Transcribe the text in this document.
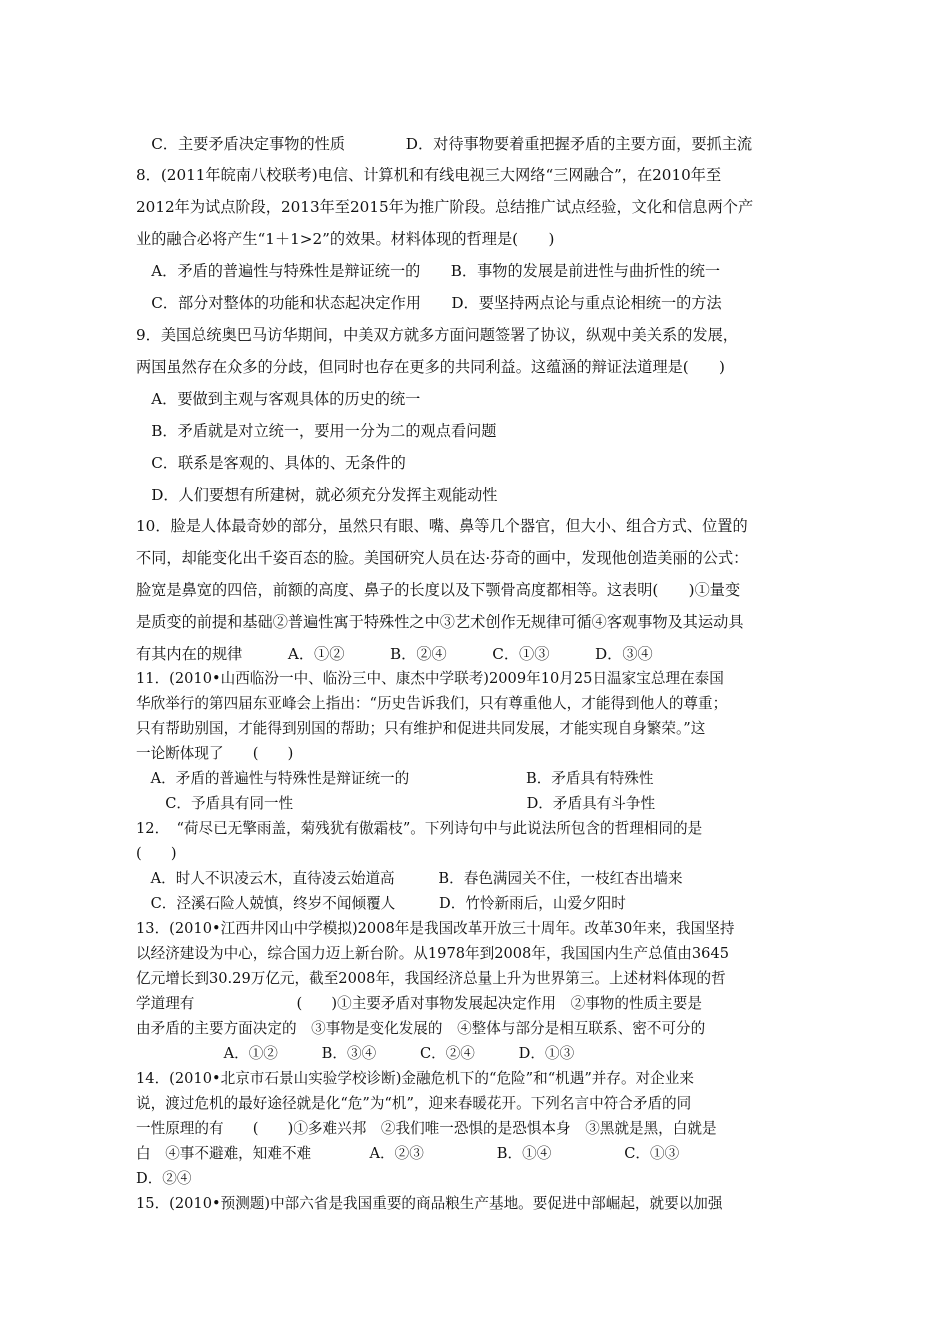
　C．主要矛盾决定事物的性质　　　　D．对待事物要着重把握矛盾的主要方面，要抓主流
8．(2011年皖南八校联考)电信、计算机和有线电视三大网络“三网融合”，在2010年至
2012年为试点阶段，2013年至2015年为推广阶段。总结推广试点经验，文化和信息两个产
业的融合必将产生“1＋1>2”的效果。材料体现的哲理是(　　)
　A．矛盾的普遍性与特殊性是辩证统一的　　B．事物的发展是前进性与曲折性的统一
　C．部分对整体的功能和状态起决定作用　　D．要坚持两点论与重点论相统一的方法
9．美国总统奥巴马访华期间，中美双方就多方面问题签署了协议，纵观中美关系的发展，
两国虽然存在众多的分歧，但同时也存在更多的共同利益。这蕴涵的辩证法道理是(　　)
　A．要做到主观与客观具体的历史的统一
　B．矛盾就是对立统一，要用一分为二的观点看问题
　C．联系是客观的、具体的、无条件的
　D．人们要想有所建树，就必须充分发挥主观能动性
10．脸是人体最奇妙的部分，虽然只有眼、嘴、鼻等几个器官，但大小、组合方式、位置的
不同，却能变化出千姿百态的脸。美国研究人员在达·芬奇的画中，发现他创造美丽的公式：
脸宽是鼻宽的四倍，前额的高度、鼻子的长度以及下颚骨高度都相等。这表明(　　)①量变
是质变的前提和基础②普遍性寓于特殊性之中③艺术创作无规律可循④客观事物及其运动具
有其内在的规律　　　A．①②　　　B．②④　　　C．①③　　　D．③④
11．(2010•山西临汾一中、临汾三中、康杰中学联考)2009年10月25日温家宝总理在泰国
华欣举行的第四届东亚峰会上指出：“历史告诉我们，只有尊重他人，才能得到他人的尊重；
只有帮助别国，才能得到别国的帮助；只有维护和促进共同发展，才能实现自身繁荣。”这
一论断体现了　　(　　)
　A．矛盾的普遍性与特殊性是辩证统一的　　　　　　　　B．矛盾具有特殊性
　　C．予盾具有同一性　　　　　　　　　　　　　　　　D．矛盾具有斗争性
12．　“荷尽已无擎雨盖，菊残犹有傲霜枝”。下列诗句中与此说法所包含的哲理相同的是
(　　)
　A．时人不识凌云木，直待凌云始道高　　　B．春色满园关不住，一枝红杏出墙来
　C．泾溪石险人兢慎，终岁不闻倾覆人　　　D．竹怜新雨后，山爱夕阳时
13．(2010•江西井冈山中学模拟)2008年是我国改革开放三十周年。改革30年来，我国坚持
以经济建设为中心，综合国力迈上新台阶。从1978年到2008年，我国国内生产总值由3645
亿元增长到30.29万亿元，截至2008年，我国经济总量上升为世界第三。上述材料体现的哲
学道理有　　　　　　　(　　)①主要矛盾对事物发展起决定作用　②事物的性质主要是
由矛盾的主要方面决定的　③事物是变化发展的　④整体与部分是相互联系、密不可分的
　　　　　　A．①②　　　B．③④　　　C．②④　　　D．①③
14．(2010•北京市石景山实验学校诊断)金融危机下的“危险”和“机遇”并存。对企业来
说，渡过危机的最好途径就是化“危”为“机”，迎来春暖花开。下列名言中符合矛盾的同
一性原理的有　　(　　)①多难兴邦　②我们唯一恐惧的是恐惧本身　③黑就是黑，白就是
白　④事不避难，知难不难　　　　A．②③　　　　　B．①④　　　　　C．①③
D．②④
15．(2010•预测题)中部六省是我国重要的商品粮生产基地。要促进中部崛起，就要以加强
